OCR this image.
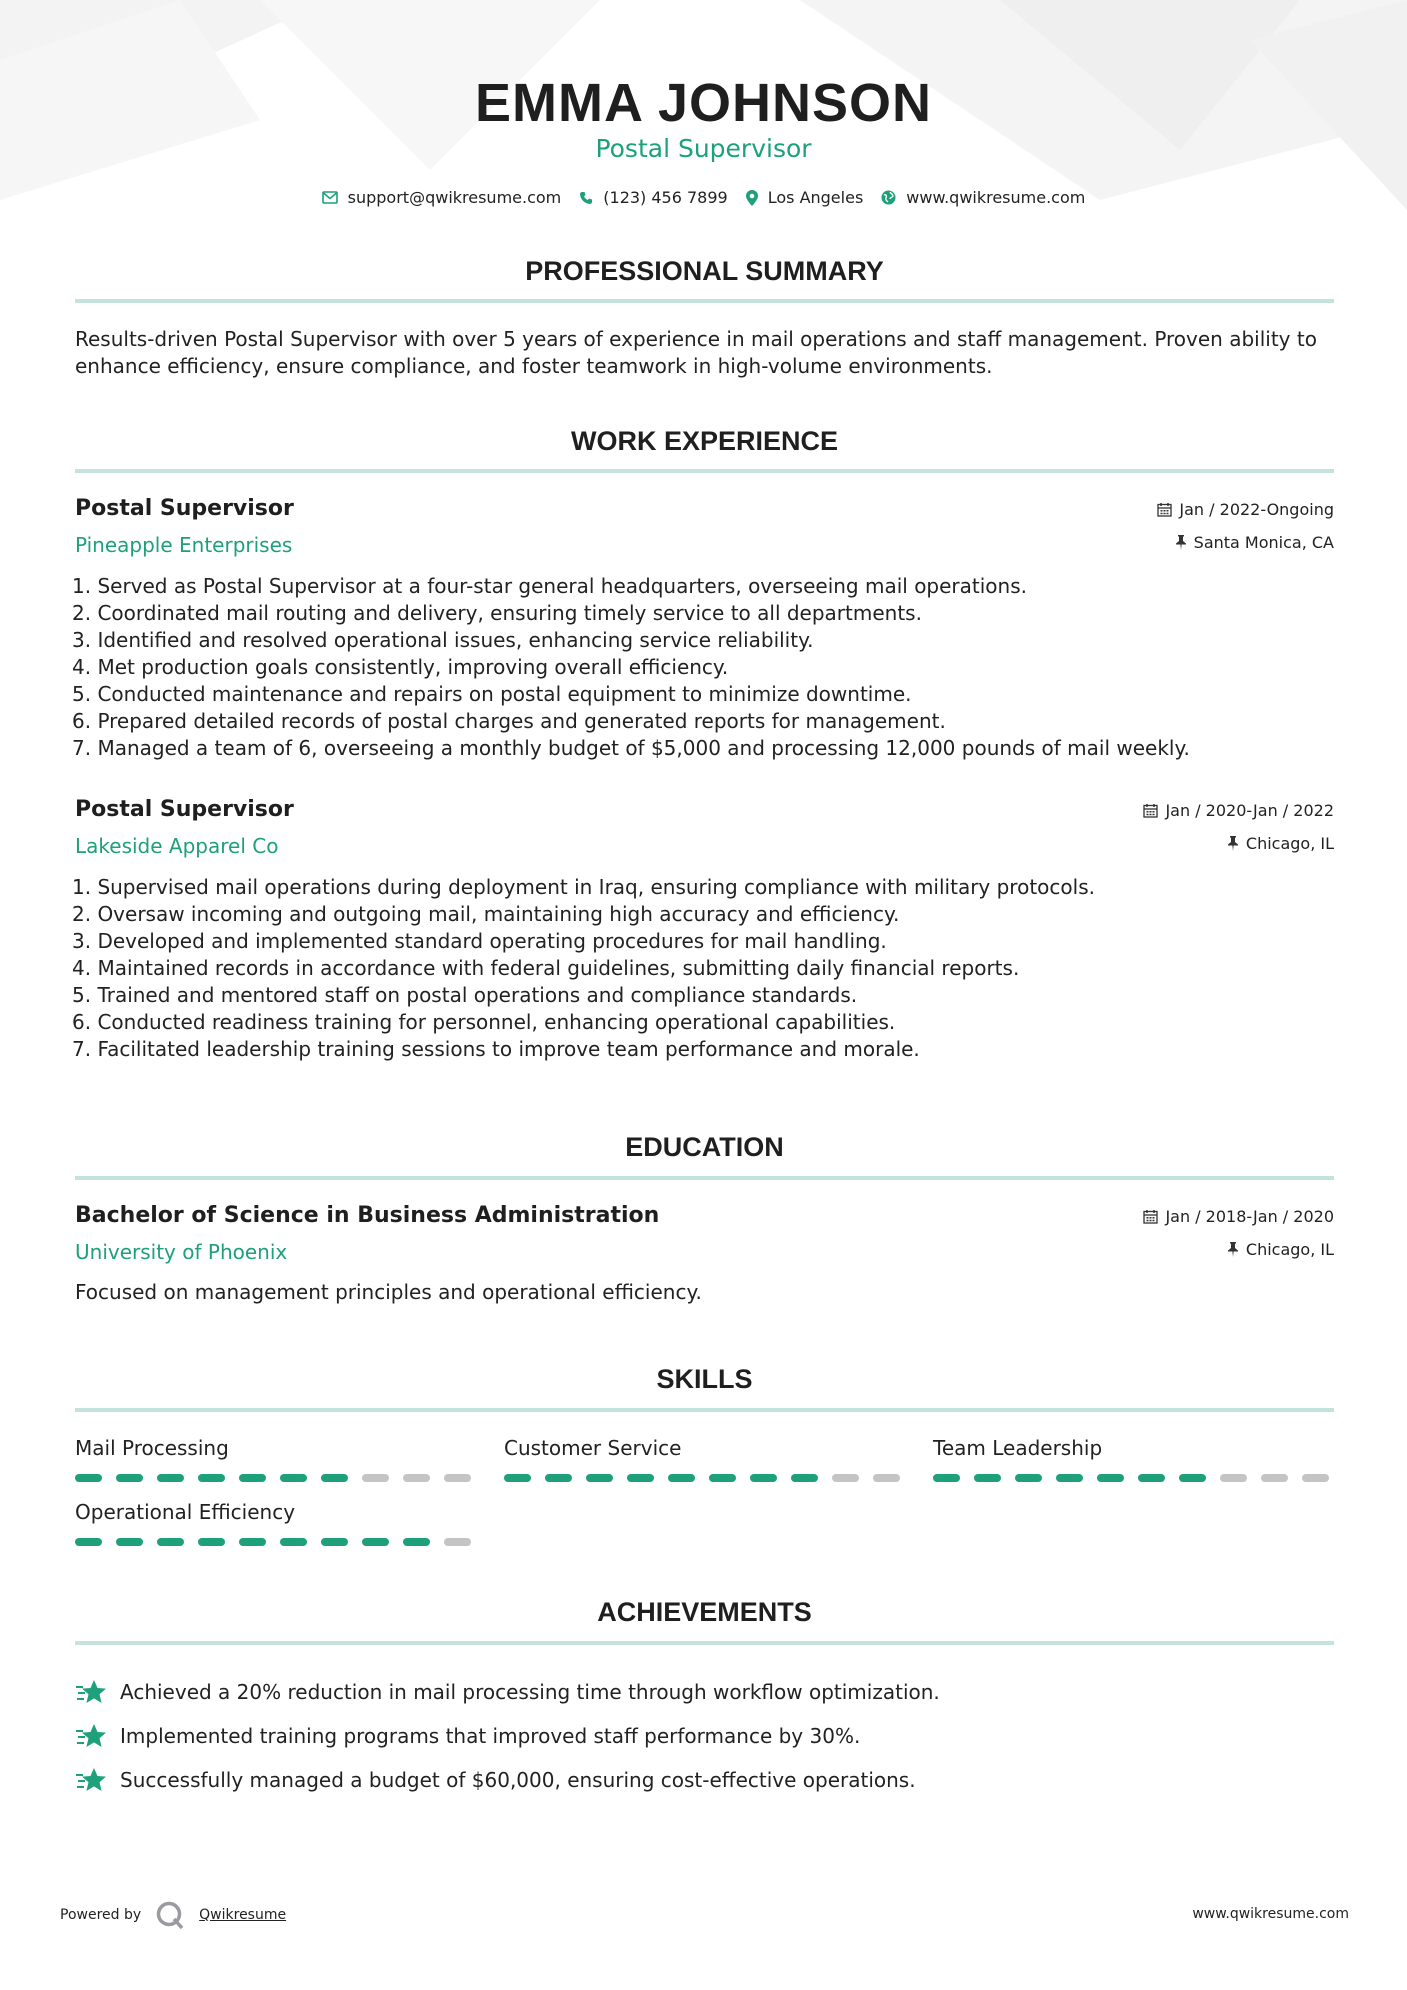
EMMA JOHNSON
Postal Supervisor
support@qwikresume.com	(123) 456 7899	Los Angeles	www.qwikresume.com
PROFESSIONAL SUMMARY
Results-driven Postal Supervisor with over 5 years of experience in mail operations and staff management. Proven ability to enhance efficiency, ensure compliance, and foster teamwork in high-volume environments.
WORK EXPERIENCE
Postal Supervisor
Pineapple Enterprises
Jan / 2022-Ongoing
Santa Monica, CA
1. Served as Postal Supervisor at a four-star general headquarters, overseeing mail operations.
2. Coordinated mail routing and delivery, ensuring timely service to all departments.
3. Identified and resolved operational issues, enhancing service reliability.
4. Met production goals consistently, improving overall efficiency.
5. Conducted maintenance and repairs on postal equipment to minimize downtime.
6. Prepared detailed records of postal charges and generated reports for management.
7. Managed a team of 6, overseeing a monthly budget of $5,000 and processing 12,000 pounds of mail weekly.
Postal Supervisor
Lakeside Apparel Co
Jan / 2020-Jan / 2022
Chicago, IL
1. Supervised mail operations during deployment in Iraq, ensuring compliance with military protocols.
2. Oversaw incoming and outgoing mail, maintaining high accuracy and efficiency.
3. Developed and implemented standard operating procedures for mail handling.
4. Maintained records in accordance with federal guidelines, submitting daily financial reports.
5. Trained and mentored staff on postal operations and compliance standards.
6. Conducted readiness training for personnel, enhancing operational capabilities.
7. Facilitated leadership training sessions to improve team performance and morale.
EDUCATION
Bachelor of Science in Business Administration
University of Phoenix
Jan / 2018-Jan / 2020
Chicago, IL
Focused on management principles and operational efficiency.
SKILLS
Mail Processing	Customer Service	Team Leadership
Operational Efficiency
ACHIEVEMENTS
Achieved a 20% reduction in mail processing time through workflow optimization.
Implemented training programs that improved staff performance by 30%.
Successfully managed a budget of $60,000, ensuring cost-effective operations.
Powered by	Qwikresume	www.qwikresume.com
